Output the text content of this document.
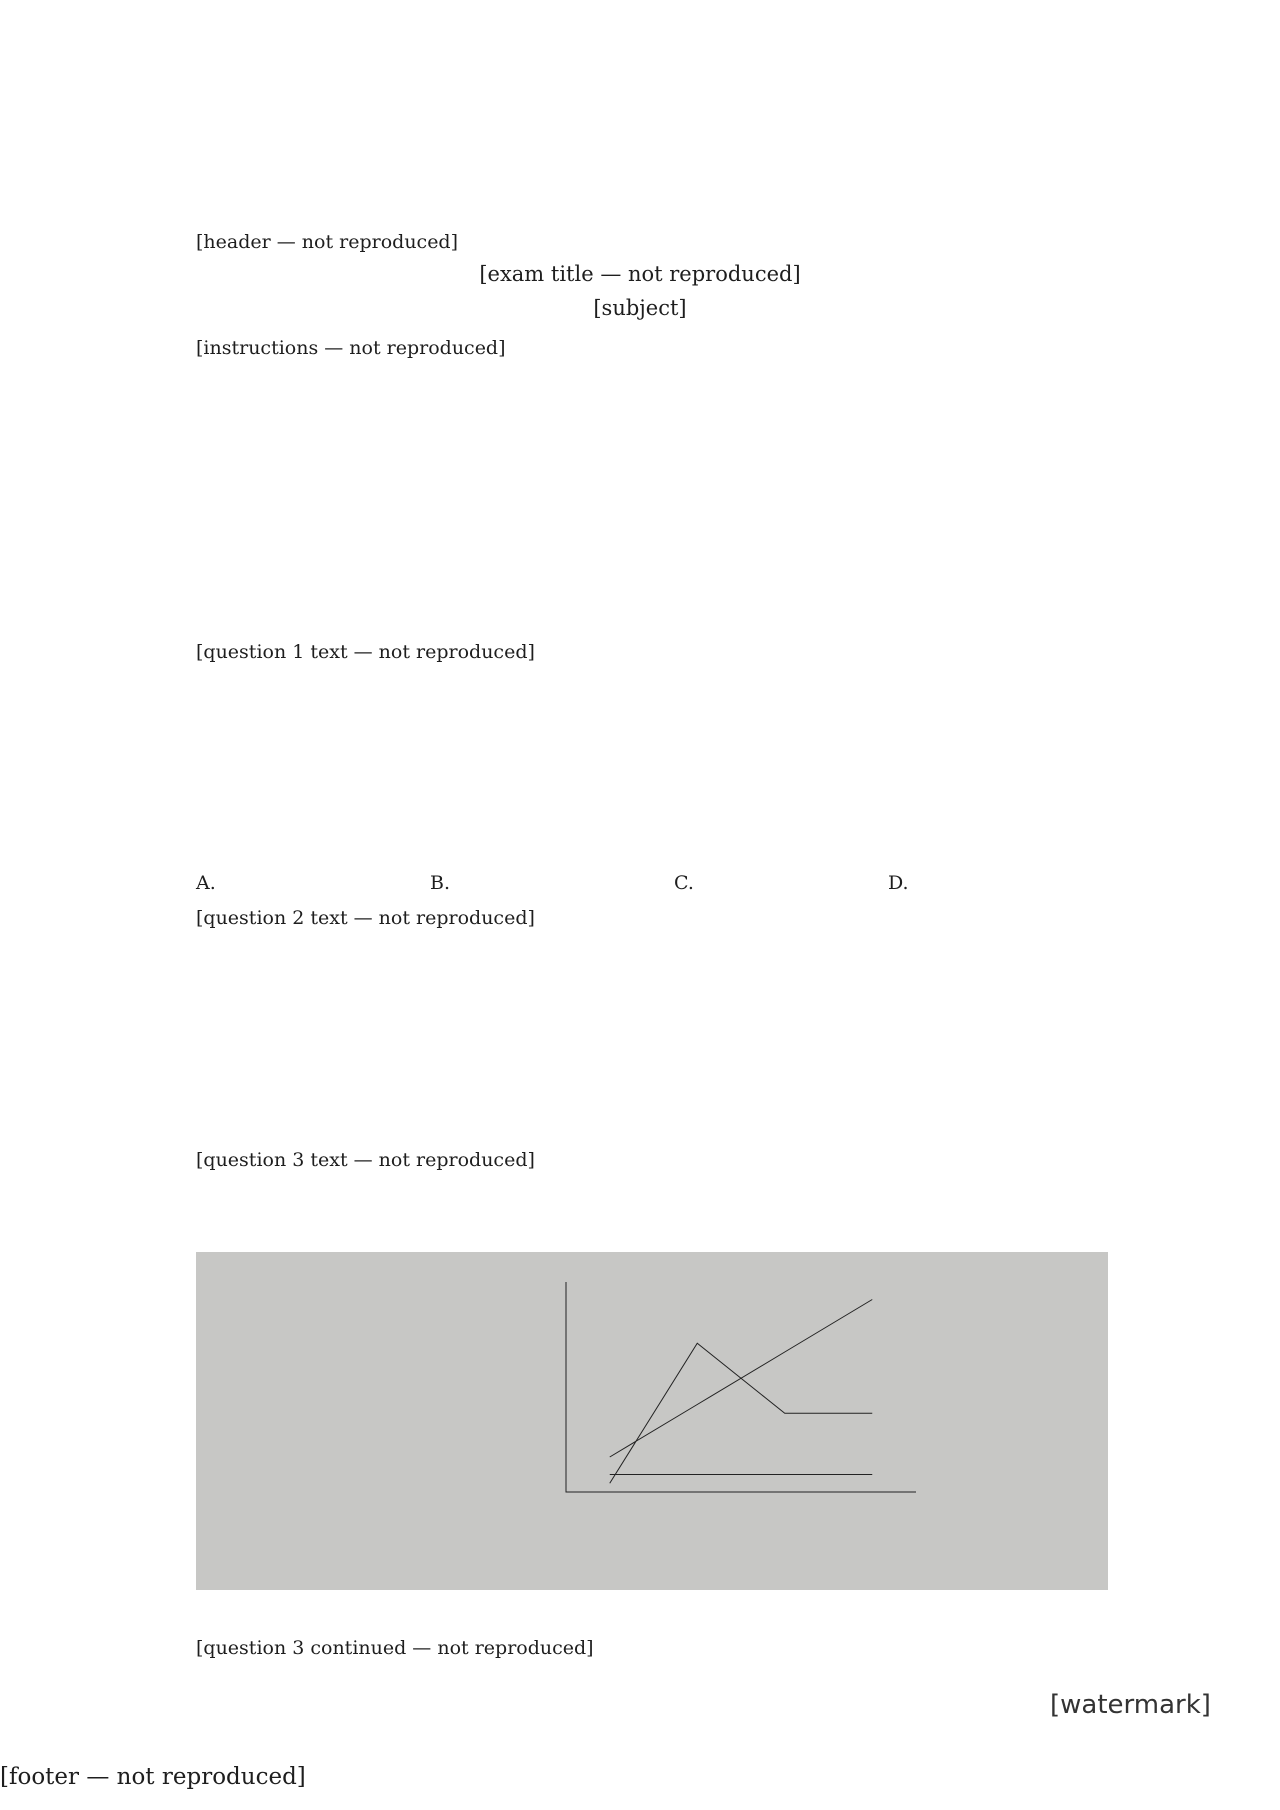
[header — not reproduced]
[exam title — not reproduced]
[subject]
[instructions — not reproduced]
[question 1 text — not reproduced]
A.	B.	C.	D.
[question 2 text — not reproduced]
[question 3 text — not reproduced]
[question 3 continued — not reproduced]
[watermark]
[footer — not reproduced]
